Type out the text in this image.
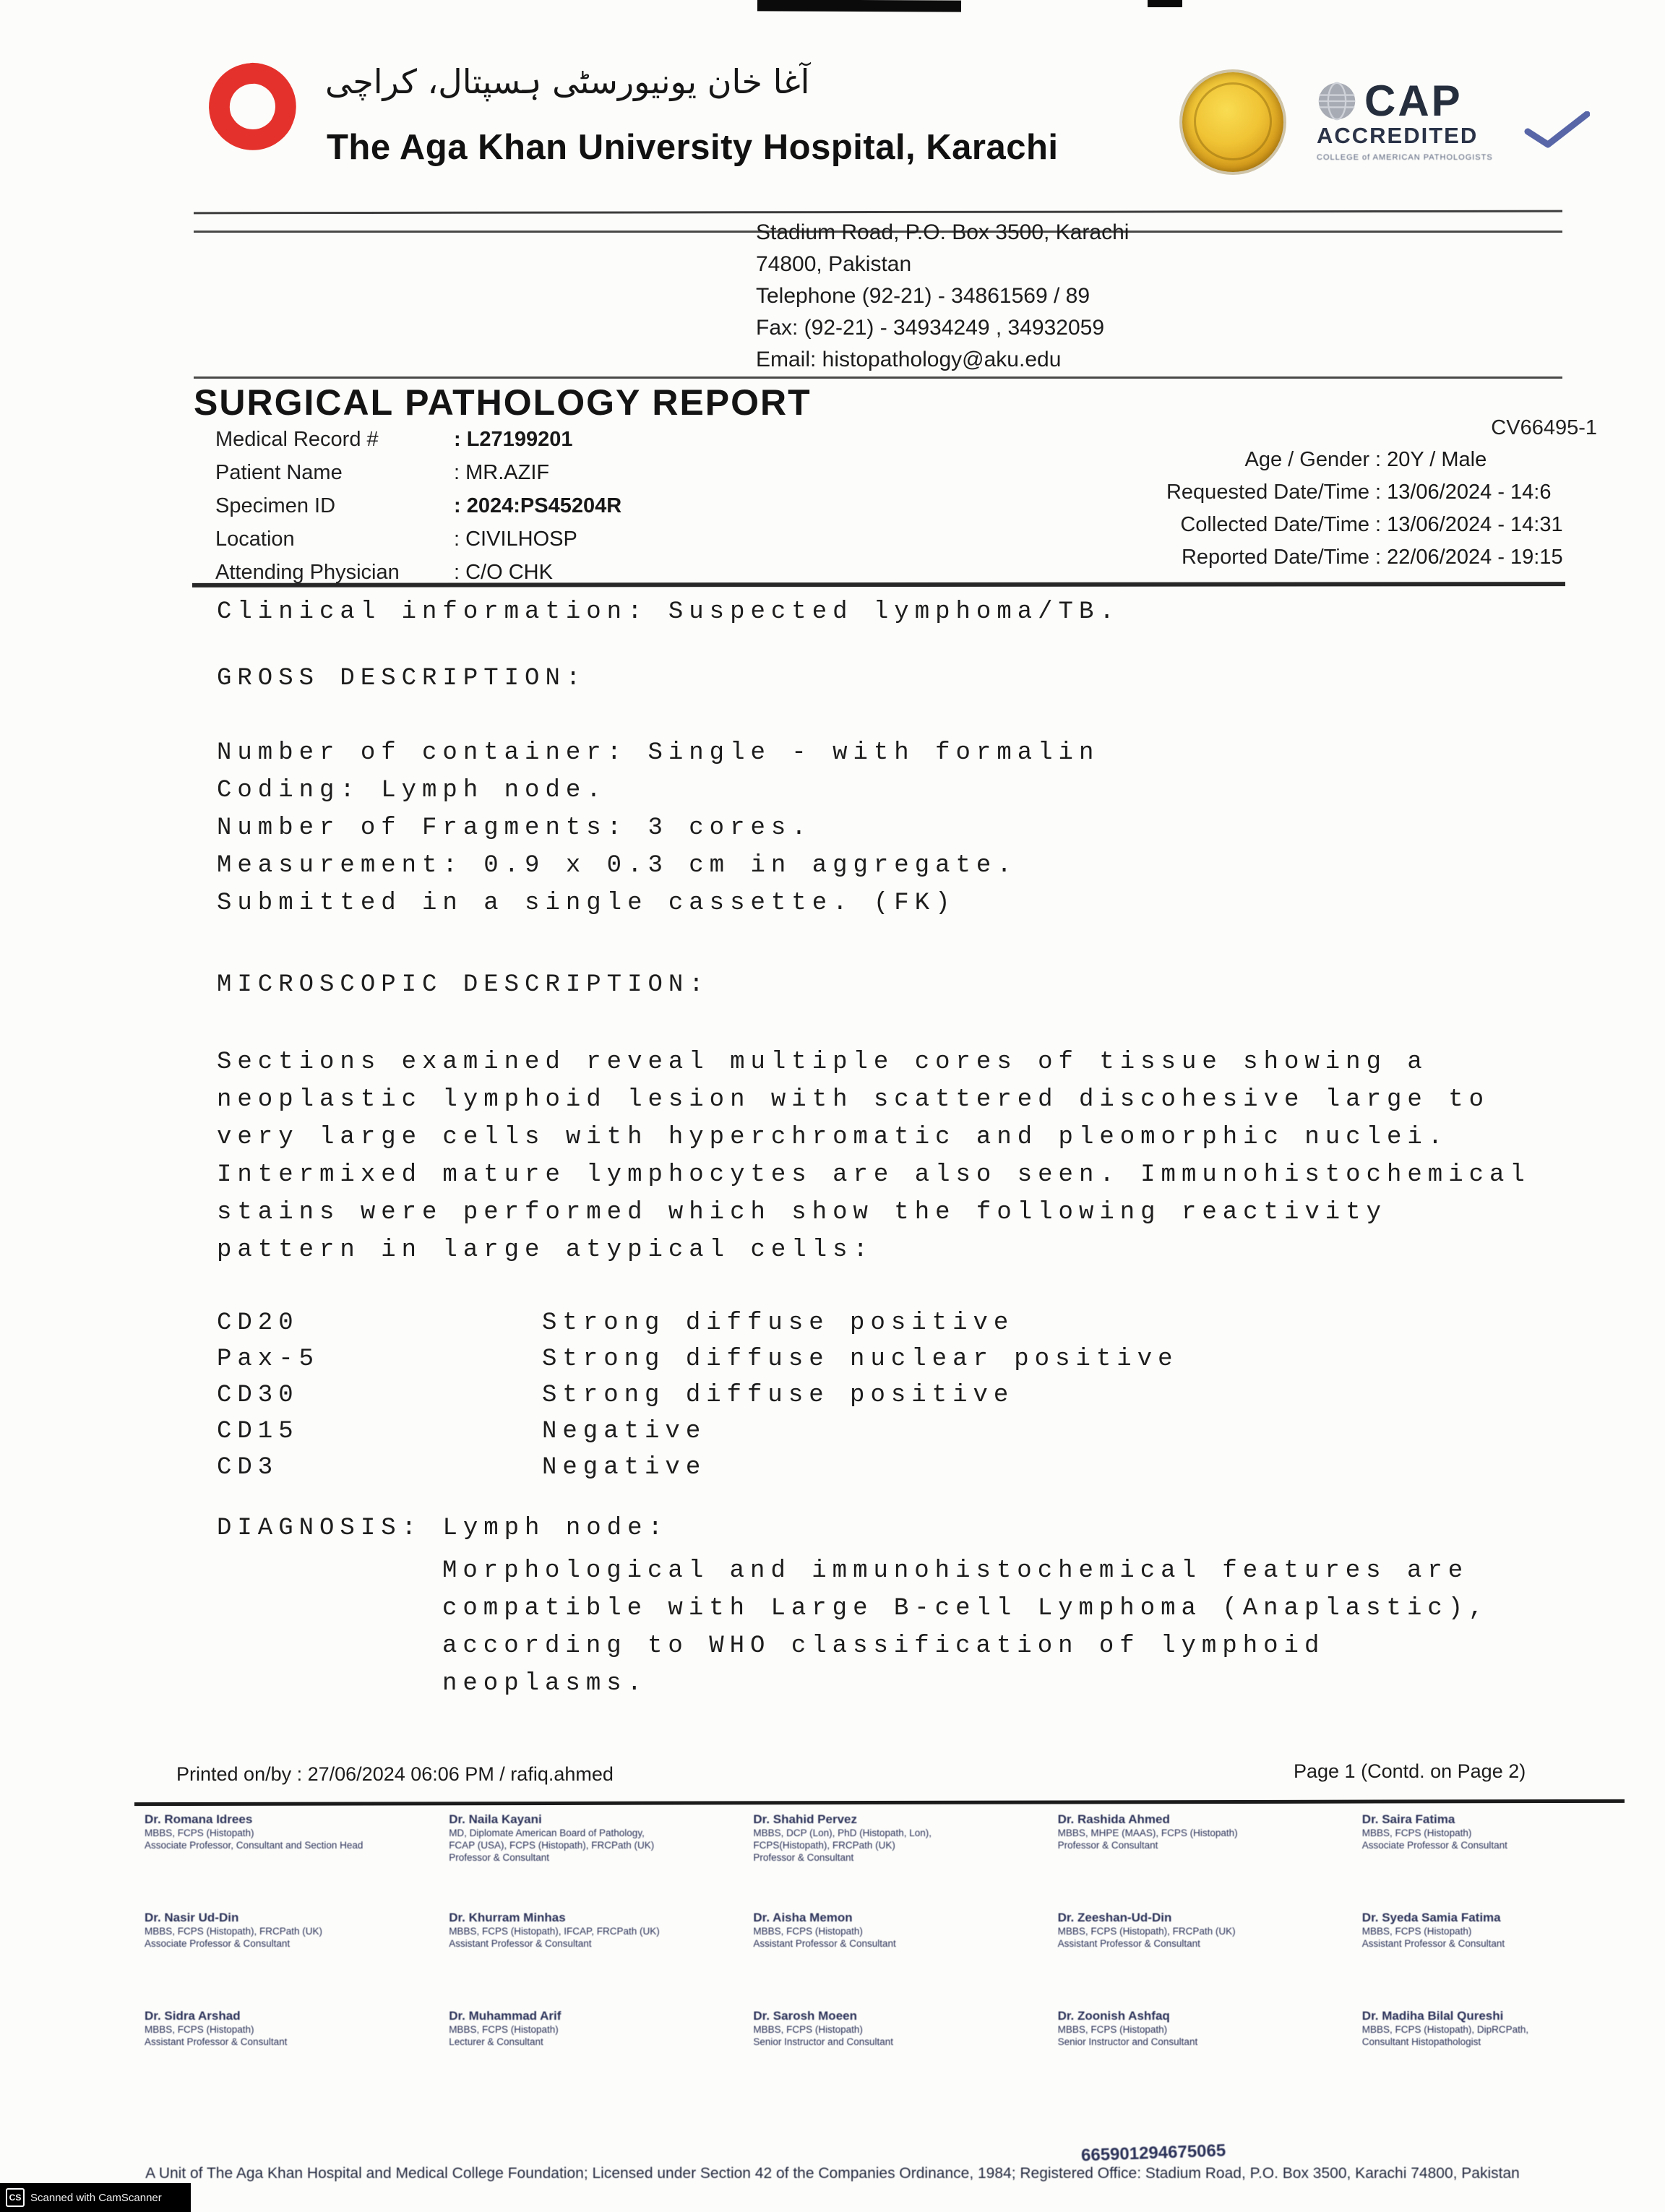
آغا خان یونیورسٹی ہسپتال، کراچی
The Aga Khan University Hospital, Karachi
CAP
ACCREDITED
COLLEGE of AMERICAN PATHOLOGISTS
Stadium Road, P.O. Box 3500, Karachi
74800, Pakistan
Telephone (92-21) - 34861569 / 89
Fax: (92-21) - 34934249 , 34932059
Email: histopathology@aku.edu
SURGICAL PATHOLOGY REPORT
CV66495-1
Medical Record #	: L27199201
Patient Name	: MR.AZIF
Specimen ID	: 2024:PS45204R
Location	: CIVILHOSP
Attending Physician	: C/O CHK
Age / Gender : 20Y / Male
Requested Date/Time : 13/06/2024 - 14:6
Collected Date/Time : 13/06/2024 - 14:31
Reported Date/Time : 22/06/2024 - 19:15
Clinical information: Suspected lymphoma/TB.
GROSS DESCRIPTION:
Number of container: Single - with formalin
Coding: Lymph node.
Number of Fragments: 3 cores.
Measurement: 0.9 x 0.3 cm in aggregate.
Submitted in a single cassette. (FK)
MICROSCOPIC DESCRIPTION:
Sections examined reveal multiple cores of tissue showing a
neoplastic lymphoid lesion with scattered discohesive large to
very large cells with hyperchromatic and pleomorphic nuclei.
Intermixed mature lymphocytes are also seen. Immunohistochemical
stains were performed which show the following reactivity
pattern in large atypical cells:
CD20	Strong diffuse positive
Pax-5	Strong diffuse nuclear positive
CD30	Strong diffuse positive
CD15	Negative
CD3	Negative
DIAGNOSIS: Lymph node:
Morphological and immunohistochemical features are
compatible with Large B-cell Lymphoma (Anaplastic),
according to WHO classification of lymphoid
neoplasms.
Printed on/by : 27/06/2024 06:06 PM / rafiq.ahmed	Page 1 (Contd. on Page 2)
Dr. Romana Idrees
MBBS, FCPS (Histopath)
Associate Professor, Consultant and Section Head
Dr. Naila Kayani
MD, Diplomate American Board of Pathology,
FCAP (USA), FCPS (Histopath), FRCPath (UK)
Professor & Consultant
Dr. Shahid Pervez
MBBS, DCP (Lon), PhD (Histopath, Lon),
FCPS(Histopath), FRCPath (UK)
Professor & Consultant
Dr. Rashida Ahmed
MBBS, MHPE (MAAS), FCPS (Histopath)
Professor & Consultant
Dr. Saira Fatima
MBBS, FCPS (Histopath)
Associate Professor & Consultant
Dr. Nasir Ud-Din
MBBS, FCPS (Histopath), FRCPath (UK)
Associate Professor & Consultant
Dr. Khurram Minhas
MBBS, FCPS (Histopath), IFCAP, FRCPath (UK)
Assistant Professor & Consultant
Dr. Aisha Memon
MBBS, FCPS (Histopath)
Assistant Professor & Consultant
Dr. Zeeshan-Ud-Din
MBBS, FCPS (Histopath), FRCPath (UK)
Assistant Professor & Consultant
Dr. Syeda Samia Fatima
MBBS, FCPS (Histopath)
Assistant Professor & Consultant
Dr. Sidra Arshad
MBBS, FCPS (Histopath)
Assistant Professor & Consultant
Dr. Muhammad Arif
MBBS, FCPS (Histopath)
Lecturer & Consultant
Dr. Sarosh Moeen
MBBS, FCPS (Histopath)
Senior Instructor and Consultant
Dr. Zoonish Ashfaq
MBBS, FCPS (Histopath)
Senior Instructor and Consultant
Dr. Madiha Bilal Qureshi
MBBS, FCPS (Histopath), DipRCPath,
Consultant Histopathologist
665901294675065
A Unit of The Aga Khan Hospital and Medical College Foundation; Licensed under Section 42 of the Companies Ordinance, 1984; Registered Office: Stadium Road, P.O. Box 3500, Karachi 74800, Pakistan
CS Scanned with CamScanner
